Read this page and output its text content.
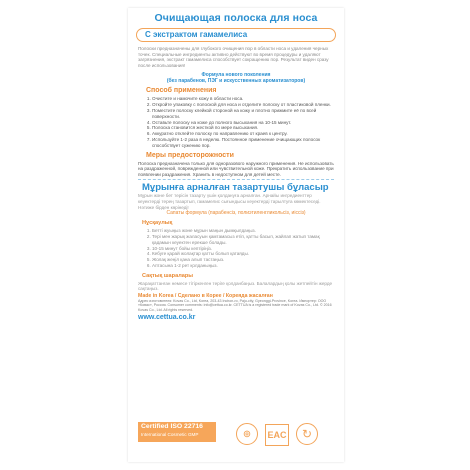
Очищающая полоска для носа
С экстрактом гамамелиса
Полоски предназначены для глубокого очищения пор в области носа и удаления черных точек. Специальные ингредиенты активно действуют во время процедуры и удаляют загрязнения, экстракт гамамелиса способствует сокращению пор. Результат виден сразу после использования!
Формула нового поколения
(без парабенов, ПЭГ и искусственных ароматизаторов)
Способ применения
1. Очистите и намочите кожу в области носа.
2. Откройте упаковку с полоской для носа и отделите полоску от пластиковой пленки.
3. Поместите полоску клейкой стороной на кожу и плотно прижмите её по всей поверхности.
4. Оставьте полоску на коже до полного высыхания на 10-15 минут.
5. Полоска становится жесткой по мере высыхания.
6. Аккуратно отклейте полоску по направлению от краев к центру.
7. Используйте 1-2 раза в неделю. Постоянное применение очищающих полосок способствует сужению пор.
Меры предосторожности
Полоска предназначена только для одноразового наружного применения. Не использовать на раздраженной, поврежденной или чувствительной коже. Прекратить использование при появлении раздражения. Хранить в недоступном для детей месте.
Мұрынға арналған тазартушы бұласыр
Мұрын және бет терісін тазарту үшін қолдануға арналған. Арнайы ингредиенттер кеуектерді терең тазартып, гамамелис сығындысы кеуектерді тарылтуға көмектеседі. Нәтиже бірден көрінеді!
Сапаты формула (парабенсіз, полиэтиленгликольсіз, иіссіз)
Нұсқаулық
1. Бетті жуыңыз және мұрын маңын дымқылдаңыз.
2. Терi мен жарық жаласуын қамтамасыз етіп, қатты басып, жайлап жатып тамақ қадамын кеуектен ерекше болады.
3. 10-15 минут бойы кептіріңіз.
4. Кебуге қарай жолақтар қатты болып қатаяды.
5. Жолақ жеңіл қана алып тастаңыз.
6. Аптасына 1-2 рет қолданыңыз.
Сақтық шаралары
Жарақаттанған немесе тітіркенген теріге қолданбаңыз. Балалардың қолы жетпейтін жерде сақтаңыз.
Made in Korea / Сделано в Корее / Кореяда жасалған
Адрес изготовителя: Kovas Co., Ltd, Korea, 203-43 Inchon-ro, Paju-city, Gyeonggi-Province, Korea. Импортер: ООО «Ковас», Россия. Consumer comments: info@cettua.co.kr. CETTUA is a registered trade mark of Kovas Co., Ltd. © 2016 Kovas Co., Ltd. All rights reserved.
www.cettua.co.kr
Certified ISO 22716
International Cosmetic GMP	◎ EAC ↻
